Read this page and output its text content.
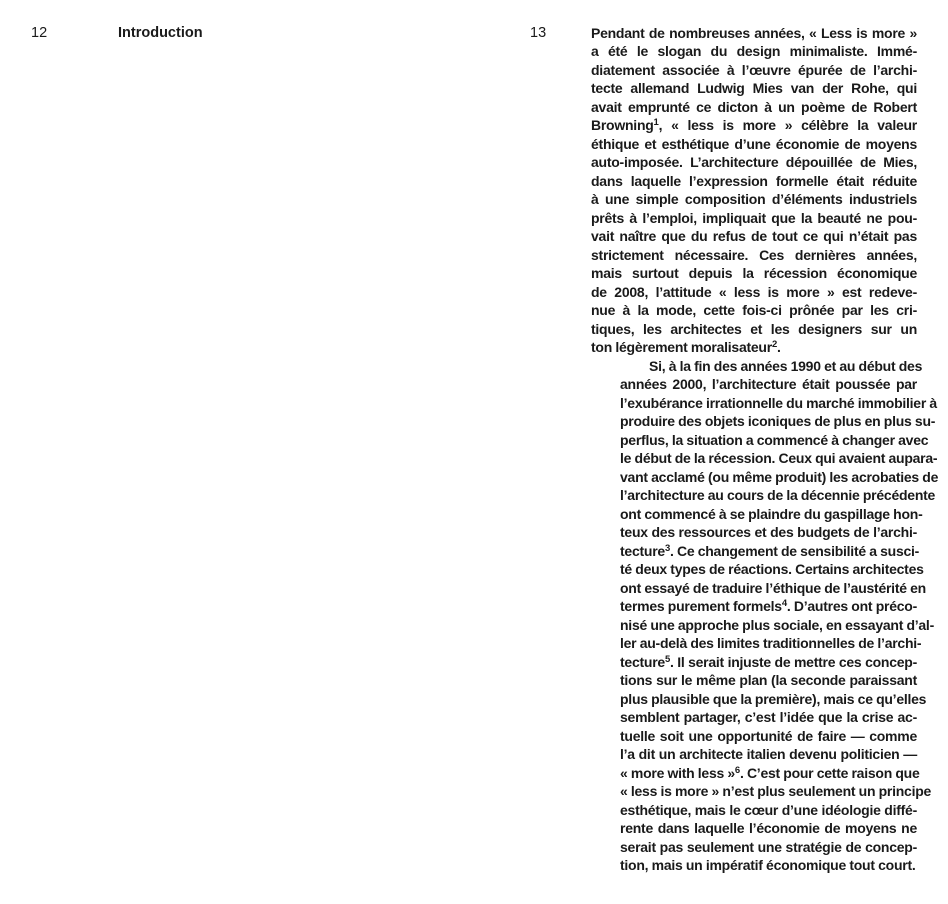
12	Introduction	13	Pendant de nombreuses années, « Less is more »
a été le slogan du design minimaliste. Immé-
diatement associée à l’œuvre épurée de l’archi-
tecte allemand Ludwig Mies van der Rohe, qui
avait emprunté ce dicton à un poème de Robert
Browning$^1$, « less is more » célèbre la valeur
éthique et esthétique d’une économie de moyens
auto-imposée. L’architecture dépouillée de Mies,
dans laquelle l’expression formelle était réduite
à une simple composition d’éléments industriels
prêts à l’emploi, impliquait que la beauté ne pou-
vait naître que du refus de tout ce qui n’était pas
strictement nécessaire. Ces dernières années,
mais surtout depuis la récession économique
de 2008, l’attitude « less is more » est redeve-
nue à la mode, cette fois-ci prônée par les cri-
tiques, les architectes et les designers sur un
ton légèrement moralisateur$^2$.

Si, à la fin des années 1990 et au début des
années 2000, l’architecture était poussée par
l’exubérance irrationnelle du marché immobilier à
produire des objets iconiques de plus en plus su-
perflus, la situation a commencé à changer avec
le début de la récession. Ceux qui avaient aupara-
vant acclamé (ou même produit) les acrobaties de
l’architecture au cours de la décennie précédente
ont commencé à se plaindre du gaspillage hon-
teux des ressources et des budgets de l’archi-
tecture$^3$. Ce changement de sensibilité a susci-
té deux types de réactions. Certains architectes
ont essayé de traduire l’éthique de l’austérité en
termes purement formels$^4$. D’autres ont préco-
nisé une approche plus sociale, en essayant d’al-
ler au-delà des limites traditionnelles de l’archi-
tecture$^5$. Il serait injuste de mettre ces concep-
tions sur le même plan (la seconde paraissant
plus plausible que la première), mais ce qu’elles
semblent partager, c’est l’idée que la crise ac-
tuelle soit une opportunité de faire — comme
l’a dit un architecte italien devenu politicien —
« more with less »$^6$. C’est pour cette raison que
« less is more » n’est plus seulement un principe
esthétique, mais le cœur d’une idéologie diffé-
rente dans laquelle l’économie de moyens ne
serait pas seulement une stratégie de concep-
tion, mais un impératif économique tout court.
